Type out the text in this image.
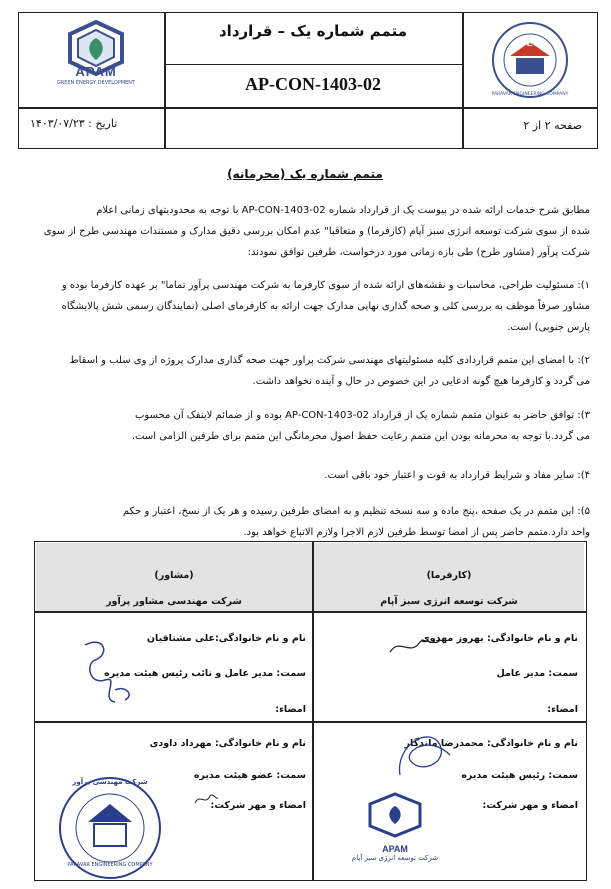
APAM
GREEN ENERGY DEVELOPMENT
متمم شماره یک – قرارداد
AP-CON-1403-02
PEC
PARAVAR ENGINEERING COMPANY
تاریخ : ۱۴۰۳/۰۷/۲۳	صفحه ۲ از ۲
متمم شماره یک (محرمانه)
مطابق شرح خدمات ارائه شده در پیوست یک از قرارداد شماره AP-CON-1403-02 با توجه به محدودیتهای زمانی اعلام
شده از سوی شرکت توسعه انرژی سبز آپام (کارفرما) و متعاقبا" عدم امکان بررسی دقیق مدارک و مستندات مهندسی طرح از سوی
شرکت پرآور (مشاور طرح) طی بازه زمانی مورد درخواست، طرفین توافق نمودند:
۱): مسئولیت طراحی، محاسبات و نقشه‌های ارائه شده از سوی کارفرما به شرکت مهندسی پرآور تماما" بر عهده کارفرما بوده و
مشاور صرفاً موظف به بررسی کلی و صحه گذاری نهایی مدارک جهت ارائه به کارفرمای اصلی (نمایندگان رسمی شش پالایشگاه
پارس جنوبی) است.
۲): با امضای این متمم قراردادی کلیه مسئولیتهای مهندسی شرکت پراور جهت صحه گذاری مدارک پروژه از وی سلب و اسقاط
می گردد و کارفرما هیچ گونه ادعایی در این خصوص در حال و آینده نخواهد داشت.
۳): توافق حاضر به عنوان متمم شماره یک از قرارداد AP-CON-1403-02 بوده و از ضمائم لاینفک آن محسوب
می گردد.با توجه به محرمانه بودن این متمم رعایت حفظ اصول محرمانگی این متمم برای طرفین الزامی است.
۴): سایر مفاد و شرایط قرارداد به قوت و اعتبار خود باقی است.
۵): این متمم در یک صفحه ،پنج ماده و سه نسخه تنظیم و به امضای طرفین رسیده و هر یک از نسخ، اعتبار و حکم
واحد دارد.متمم حاضر پس از امضا توسط طرفین لازم الاجرا ولازم الاتباع خواهد بود.
(کارفرما)
شرکت توسعه انرژی سبز آپام
نام و نام خانوادگی: بهروز مهدوی
سمت: مدیر عامل
امضاء:
نام و نام خانوادگی: محمدرضا ماندگار
سمت: رئیس هیئت مدیره
امضاء و مهر شرکت:
(مشاور)
شرکت مهندسی مشاور پرآور
نام و نام خانوادگی:علی مشتاقیان
سمت: مدیر عامل و نائب رئیس هیئت مدیره
امضاء:
نام و نام خانوادگی: مهرداد داودی
سمت: عضو هیئت مدیره
امضاء و مهر شرکت:
APAM
شرکت توسعه انرژی سبز آپام
شرکت مهندسی پرآور
PARAVAR ENGINEERING COMPANY
